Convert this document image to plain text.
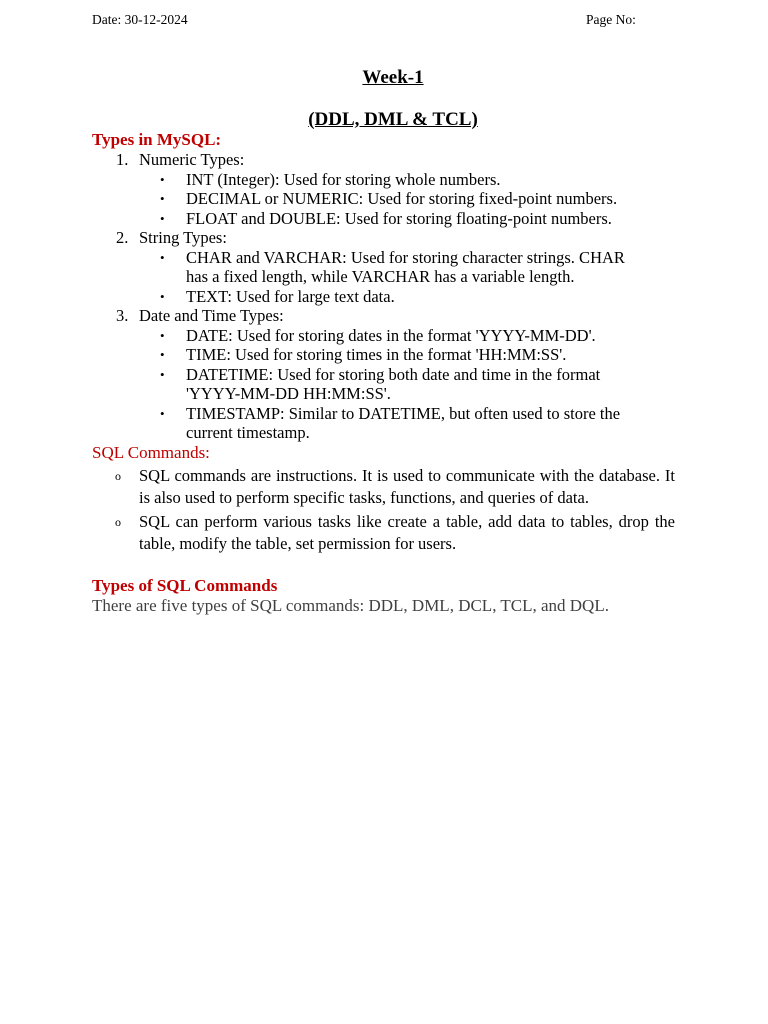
Date: 30-12-2024	Page No:
Week-1
(DDL, DML & TCL)
Types in MySQL:
1. Numeric Types:
• INT (Integer): Used for storing whole numbers.
• DECIMAL or NUMERIC: Used for storing fixed-point numbers.
• FLOAT and DOUBLE: Used for storing floating-point numbers.
2. String Types:
• CHAR and VARCHAR: Used for storing character strings. CHAR has a fixed length, while VARCHAR has a variable length.
• TEXT: Used for large text data.
3. Date and Time Types:
• DATE: Used for storing dates in the format 'YYYY-MM-DD'.
• TIME: Used for storing times in the format 'HH:MM:SS'.
• DATETIME: Used for storing both date and time in the format 'YYYY-MM-DD HH:MM:SS'.
• TIMESTAMP: Similar to DATETIME, but often used to store the current timestamp.
SQL Commands:
o SQL commands are instructions. It is used to communicate with the database. It is also used to perform specific tasks, functions, and queries of data.
o SQL can perform various tasks like create a table, add data to tables, drop the table, modify the table, set permission for users.
Types of SQL Commands
There are five types of SQL commands: DDL, DML, DCL, TCL, and DQL.
